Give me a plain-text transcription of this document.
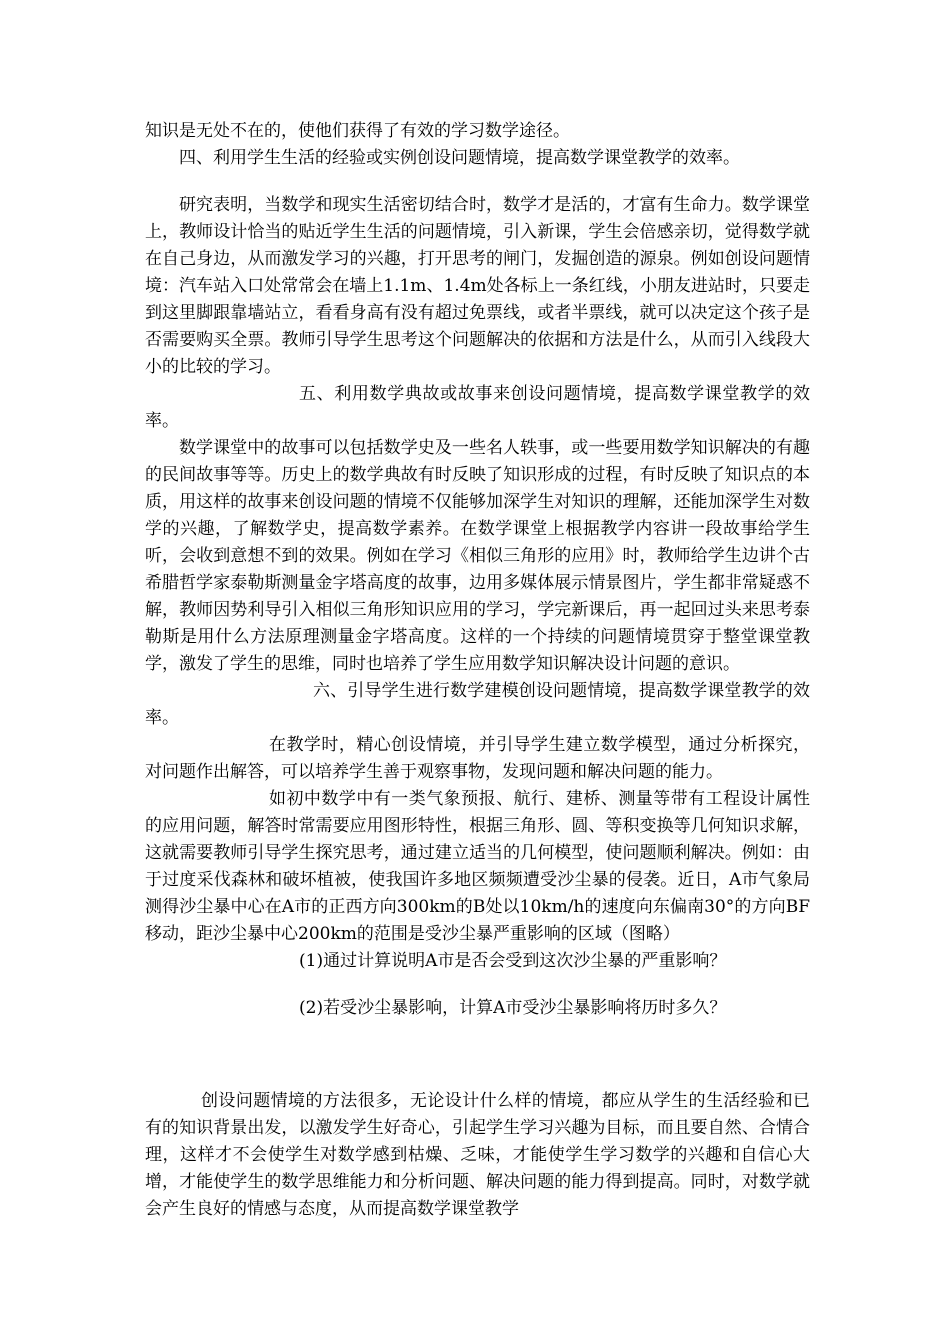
知识是无处不在的，使他们获得了有效的学习数学途径。

四、利用学生生活的经验或实例创设问题情境，提高数学课堂教学的效率。

研究表明，当数学和现实生活密切结合时，数学才是活的，才富有生命力。数学课堂上，教师设计恰当的贴近学生生活的问题情境，引入新课，学生会倍感亲切，觉得数学就在自己身边，从而激发学习的兴趣，打开思考的闸门，发掘创造的源泉。例如创设问题情境：汽车站入口处常常会在墙上1.1m、1.4m处各标上一条红线，小朋友进站时，只要走到这里脚跟靠墙站立，看看身高有没有超过免票线，或者半票线，就可以决定这个孩子是否需要购买全票。教师引导学生思考这个问题解决的依据和方法是什么，从而引入线段大小的比较的学习。

五、利用数学典故或故事来创设问题情境，提高数学课堂教学的效率。

数学课堂中的故事可以包括数学史及一些名人轶事，或一些要用数学知识解决的有趣的民间故事等等。历史上的数学典故有时反映了知识形成的过程，有时反映了知识点的本质，用这样的故事来创设问题的情境不仅能够加深学生对知识的理解，还能加深学生对数学的兴趣，了解数学史，提高数学素养。在数学课堂上根据教学内容讲一段故事给学生听，会收到意想不到的效果。例如在学习《相似三角形的应用》时，教师给学生边讲个古希腊哲学家泰勒斯测量金字塔高度的故事，边用多媒体展示情景图片，学生都非常疑惑不解，教师因势利导引入相似三角形知识应用的学习，学完新课后，再一起回过头来思考泰勒斯是用什么方法原理测量金字塔高度。这样的一个持续的问题情境贯穿于整堂课堂教学，激发了学生的思维，同时也培养了学生应用数学知识解决设计问题的意识。

六、引导学生进行数学建模创设问题情境，提高数学课堂教学的效率。

在教学时，精心创设情境，并引导学生建立数学模型，通过分析探究，对问题作出解答，可以培养学生善于观察事物，发现问题和解决问题的能力。

如初中数学中有一类气象预报、航行、建桥、测量等带有工程设计属性的应用问题，解答时常需要应用图形特性，根据三角形、圆、等积变换等几何知识求解，这就需要教师引导学生探究思考，通过建立适当的几何模型，使问题顺利解决。例如：由于过度采伐森林和破坏植被，使我国许多地区频频遭受沙尘暴的侵袭。近日，A市气象局测得沙尘暴中心在A市的正西方向300km的B处以10km/h的速度向东偏南30°的方向BF移动，距沙尘暴中心200km的范围是受沙尘暴严重影响的区域（图略）

(1)通过计算说明A市是否会受到这次沙尘暴的严重影响？

(2)若受沙尘暴影响，计算A市受沙尘暴影响将历时多久？

创设问题情境的方法很多，无论设计什么样的情境，都应从学生的生活经验和已有的知识背景出发，以激发学生好奇心，引起学生学习兴趣为目标，而且要自然、合情合理，这样才不会使学生对数学感到枯燥、乏味，才能使学生学习数学的兴趣和自信心大增，才能使学生的数学思维能力和分析问题、解决问题的能力得到提高。同时，对数学就会产生良好的情感与态度，从而提高数学课堂教学
